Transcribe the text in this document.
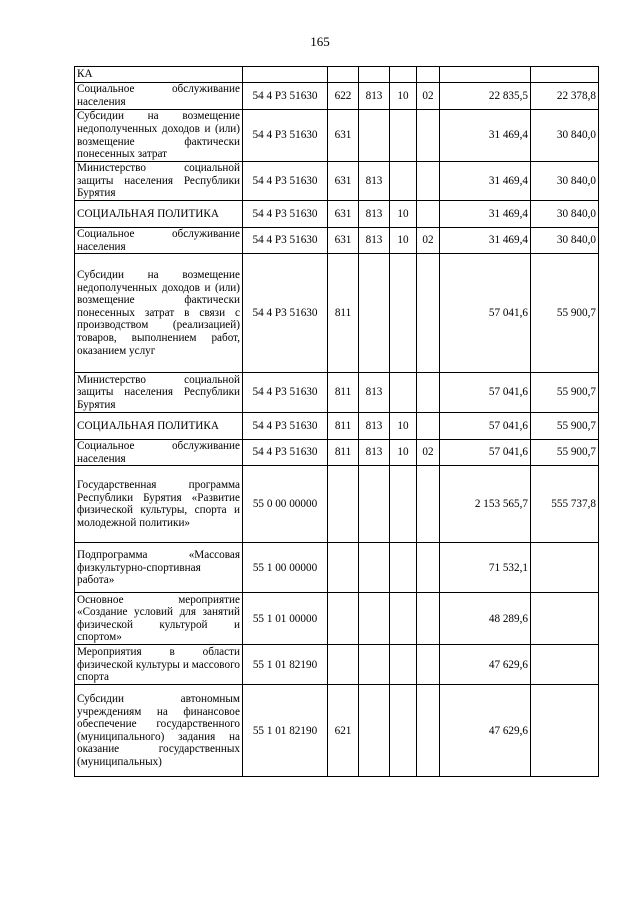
165
КА							
Социальное обслуживание населения	54 4 P3 51630	622	813	10	02	22 835,5	22 378,8
Субсидии на возмещение недополученных доходов и (или) возмещение фактически понесенных затрат	54 4 P3 51630	631				31 469,4	30 840,0
Министерство социальной защиты населения Республики Бурятия	54 4 P3 51630	631	813			31 469,4	30 840,0
СОЦИАЛЬНАЯ ПОЛИТИКА	54 4 P3 51630	631	813	10		31 469,4	30 840,0
Социальное обслуживание населения	54 4 P3 51630	631	813	10	02	31 469,4	30 840,0
Субсидии на возмещение недополученных доходов и (или) возмещение фактически понесенных затрат в связи с производством (реализацией) товаров, выполнением работ, оказанием услуг	54 4 P3 51630	811				57 041,6	55 900,7
Министерство социальной защиты населения Республики Бурятия	54 4 P3 51630	811	813			57 041,6	55 900,7
СОЦИАЛЬНАЯ ПОЛИТИКА	54 4 P3 51630	811	813	10		57 041,6	55 900,7
Социальное обслуживание населения	54 4 P3 51630	811	813	10	02	57 041,6	55 900,7
Государственная программа Республики Бурятия «Развитие физической культуры, спорта и молодежной политики»	55 0 00 00000					2 153 565,7	555 737,8
Подпрограмма «Массовая физкультурно-спортивная работа»	55 1 00 00000					71 532,1	
Основное мероприятие «Создание условий для занятий физической культурой и спортом»	55 1 01 00000					48 289,6	
Мероприятия в области физической культуры и массового спорта	55 1 01 82190					47 629,6	
Субсидии автономным учреждениям на финансовое обеспечение государственного (муниципального) задания на оказание государственных (муниципальных)	55 1 01 82190	621				47 629,6	
